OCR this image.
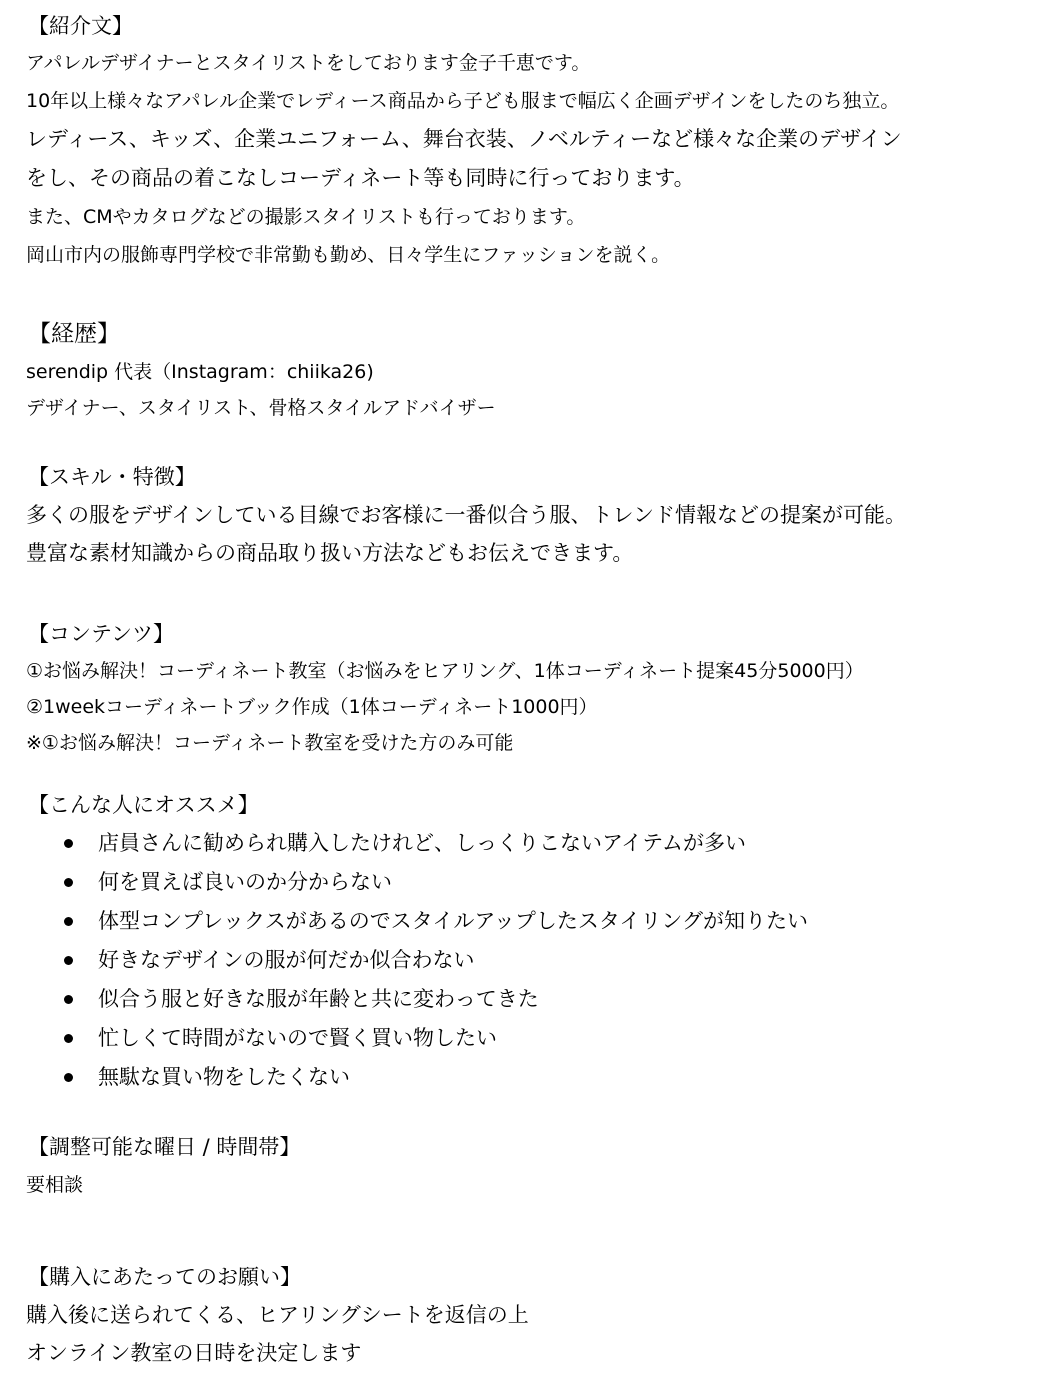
【紹介文】

アパレルデザイナーとスタイリストをしております金子千恵です。

10年以上様々なアパレル企業でレディース商品から子ども服まで幅広く企画デザインをしたのち独立。

レディース、キッズ、企業ユニフォーム、舞台衣装、ノベルティーなど様々な企業のデザイン

をし、その商品の着こなしコーディネート等も同時に行っております。

また、CMやカタログなどの撮影スタイリストも行っております。

岡山市内の服飾専門学校で非常勤も勤め、日々学生にファッションを説く。

【経歴】

serendip 代表（Instagram：chiika26)

デザイナー、スタイリスト、骨格スタイルアドバイザー

【スキル・特徴】

多くの服をデザインしている目線でお客様に一番似合う服、トレンド情報などの提案が可能。

豊富な素材知識からの商品取り扱い方法などもお伝えできます。

【コンテンツ】

①お悩み解決！コーディネート教室（お悩みをヒアリング、1体コーディネート提案45分5000円）

②1weekコーディネートブック作成（1体コーディネート1000円）

※①お悩み解決！コーディネート教室を受けた方のみ可能

【こんな人にオススメ】
店員さんに勧められ購入したけれど、しっくりこないアイテムが多い
何を買えば良いのか分からない
体型コンプレックスがあるのでスタイルアップしたスタイリングが知りたい
好きなデザインの服が何だか似合わない
似合う服と好きな服が年齢と共に変わってきた
忙しくて時間がないので賢く買い物したい
無駄な買い物をしたくない
【調整可能な曜日 / 時間帯】

要相談

【購入にあたってのお願い】

購入後に送られてくる、ヒアリングシートを返信の上

オンライン教室の日時を決定します
